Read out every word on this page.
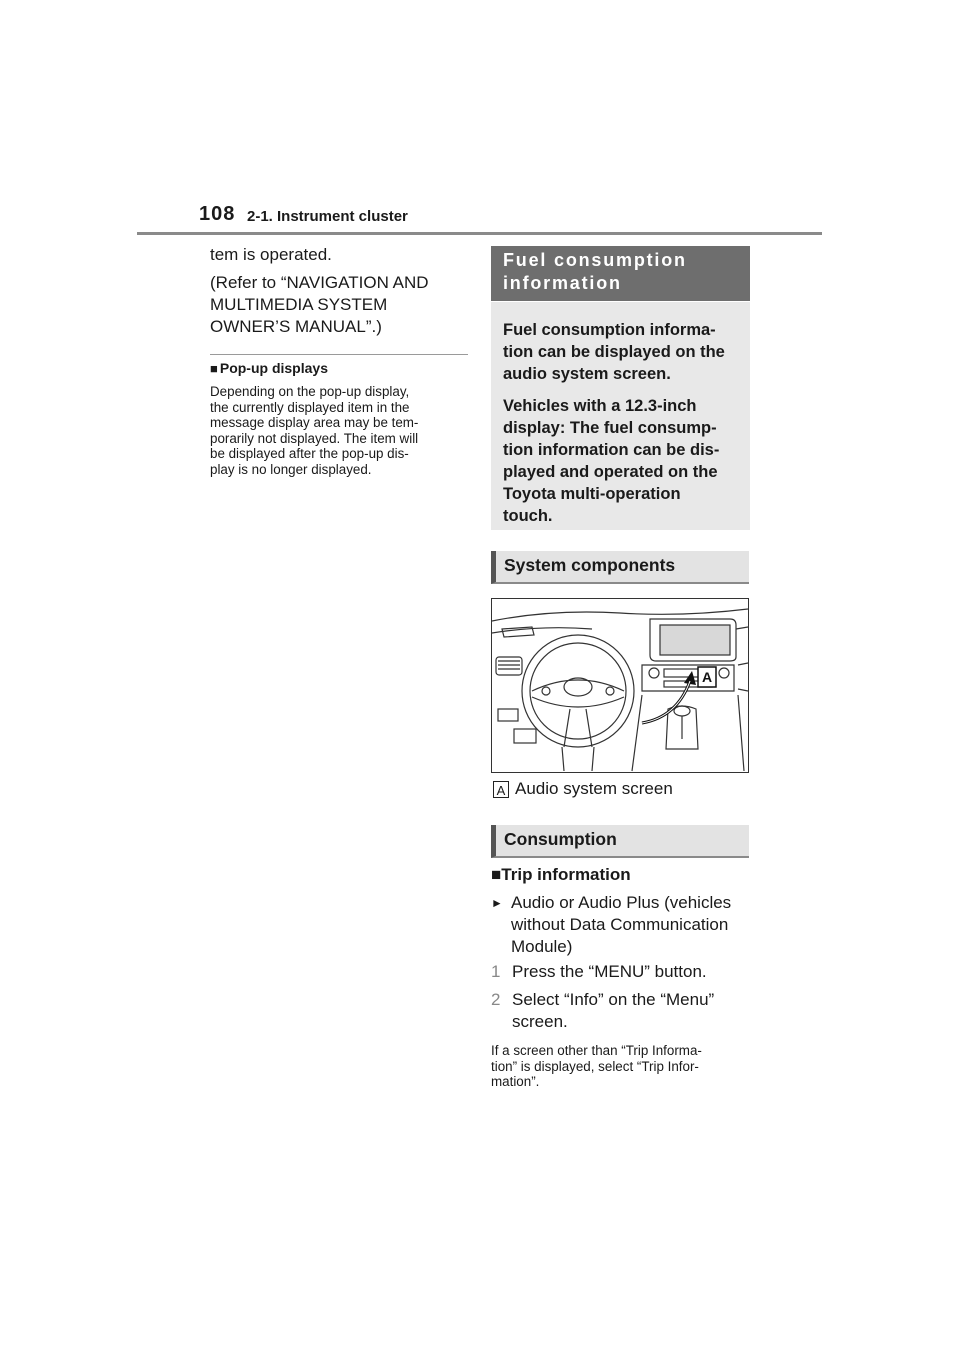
108 2-1. Instrument cluster

tem is operated.

(Refer to “NAVIGATION AND
MULTIMEDIA SYSTEM
OWNER’S MANUAL”.)

■ Pop-up displays
Depending on the pop-up display,
the currently displayed item in the
message display area may be tem-
porarily not displayed. The item will
be displayed after the pop-up dis-
play is no longer displayed.
Fuel consumption
information

Fuel consumption informa-
tion can be displayed on the
audio system screen.

Vehicles with a 12.3-inch
display: The fuel consump-
tion information can be dis-
played and operated on the
Toyota multi-operation
touch.

System components
A
A Audio system screen
Consumption
■Trip information
► Audio or Audio Plus (vehicles
without Data Communication
Module)
1 Press the “MENU” button.
2 Select “Info” on the “Menu”
screen.
If a screen other than “Trip Informa-
tion” is displayed, select “Trip Infor-
mation”.
